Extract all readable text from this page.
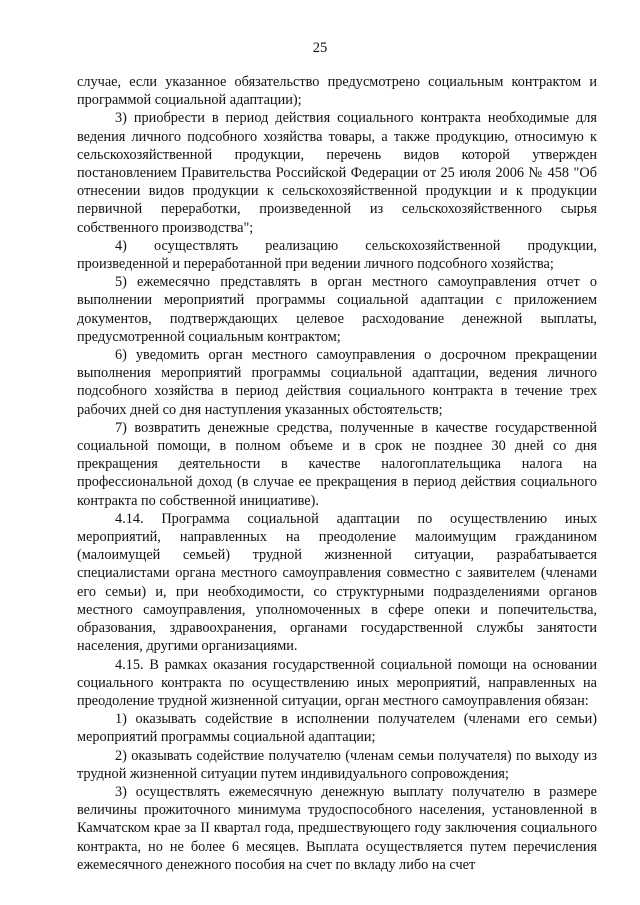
25

случае, если указанное обязательство предусмотрено социальным контрактом и программой социальной адаптации);

3) приобрести в период действия социального контракта необходимые для ведения личного подсобного хозяйства товары, а также продукцию, относимую к сельскохозяйственной продукции, перечень видов которой утвержден постановлением Правительства Российской Федерации от 25 июля 2006 № 458 "Об отнесении видов продукции к сельскохозяйственной продукции и к продукции первичной переработки, произведенной из сельскохозяйственного сырья собственного производства";

4) осуществлять реализацию сельскохозяйственной продукции, произведенной и переработанной при ведении личного подсобного хозяйства;

5) ежемесячно представлять в орган местного самоуправления отчет о выполнении мероприятий программы социальной адаптации с приложением документов, подтверждающих целевое расходование денежной выплаты, предусмотренной социальным контрактом;

6) уведомить орган местного самоуправления о досрочном прекращении выполнения мероприятий программы социальной адаптации, ведения личного подсобного хозяйства в период действия социального контракта в течение трех рабочих дней со дня наступления указанных обстоятельств;

7) возвратить денежные средства, полученные в качестве государственной социальной помощи, в полном объеме и в срок не позднее 30 дней со дня прекращения деятельности в качестве налогоплательщика налога на профессиональной доход (в случае ее прекращения в период действия социального контракта по собственной инициативе).

4.14. Программа социальной адаптации по осуществлению иных мероприятий, направленных на преодоление малоимущим гражданином (малоимущей семьей) трудной жизненной ситуации, разрабатывается специалистами органа местного самоуправления совместно с заявителем (членами его семьи) и, при необходимости, со структурными подразделениями органов местного самоуправления, уполномоченных в сфере опеки и попечительства, образования, здравоохранения, органами государственной службы занятости населения, другими организациями.

4.15. В рамках оказания государственной социальной помощи на основании социального контракта по осуществлению иных мероприятий, направленных на преодоление трудной жизненной ситуации, орган местного самоуправления обязан:

1) оказывать содействие в исполнении получателем (членами его семьи) мероприятий программы социальной адаптации;

2) оказывать содействие получателю (членам семьи получателя) по выходу из трудной жизненной ситуации путем индивидуального сопровождения;

3) осуществлять ежемесячную денежную выплату получателю в размере величины прожиточного минимума трудоспособного населения, установленной в Камчатском крае за II квартал года, предшествующего году заключения социального контракта, но не более 6 месяцев. Выплата осуществляется путем перечисления ежемесячного денежного пособия на счет по вкладу либо на счет
